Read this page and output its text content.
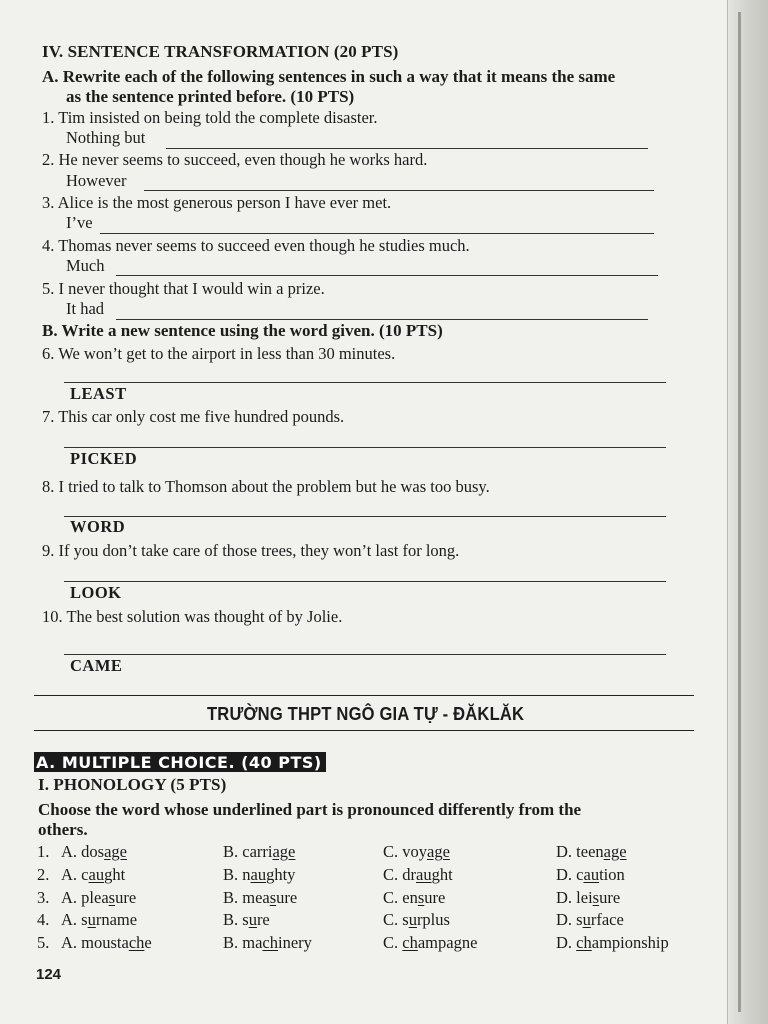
IV. SENTENCE TRANSFORMATION (20 PTS)
A. Rewrite each of the following sentences in such a way that it means the same
as the sentence printed before. (10 PTS)
1. Tim insisted on being told the complete disaster.
Nothing but
2. He never seems to succeed, even though he works hard.
However
3. Alice is the most generous person I have ever met.
I’ve
4. Thomas never seems to succeed even though he studies much.
Much
5. I never thought that I would win a prize.
It had
B. Write a new sentence using the word given. (10 PTS)
6. We won’t get to the airport in less than 30 minutes.
LEAST
7. This car only cost me five hundred pounds.
PICKED
8. I tried to talk to Thomson about the problem but he was too busy.
WORD
9. If you don’t take care of those trees, they won’t last for long.
LOOK
10. The best solution was thought of by Jolie.
CAME
TRƯỜNG THPT NGÔ GIA TỰ - ĐĂKLĂK
A. MULTIPLE CHOICE. (40 PTS)
I. PHONOLOGY (5 PTS)
Choose the word whose underlined part is pronounced differently from the
others.
1. A. dosage	B. carriage	C. voyage	D. teenage
2. A. caught	B. naughty	C. draught	D. caution
3. A. pleasure	B. measure	C. ensure	D. leisure
4. A. surname	B. sure	C. surplus	D. surface
5. A. moustache	B. machinery	C. champagne	D. championship
124
